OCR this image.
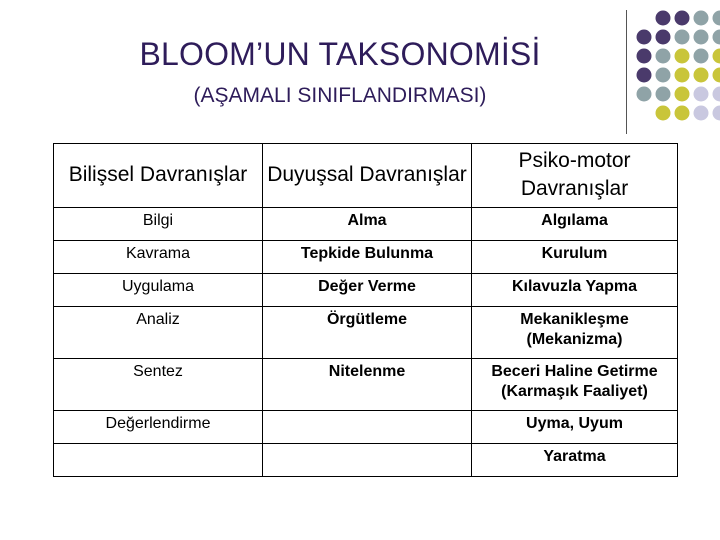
BLOOM’UN TAKSONOMİSİ
(AŞAMALI SINIFLANDIRMASI)
Bilişsel Davranışlar	Duyuşsal Davranışlar	Psiko-motor Davranışlar
Bilgi	Alma	Algılama
Kavrama	Tepkide Bulunma	Kurulum
Uygulama	Değer Verme	Kılavuzla Yapma
Analiz	Örgütleme	Mekanikleşme (Mekanizma)
Sentez	Nitelenme	Beceri Haline Getirme (Karmaşık Faaliyet)
Değerlendirme		Uyma, Uyum
		Yaratma
